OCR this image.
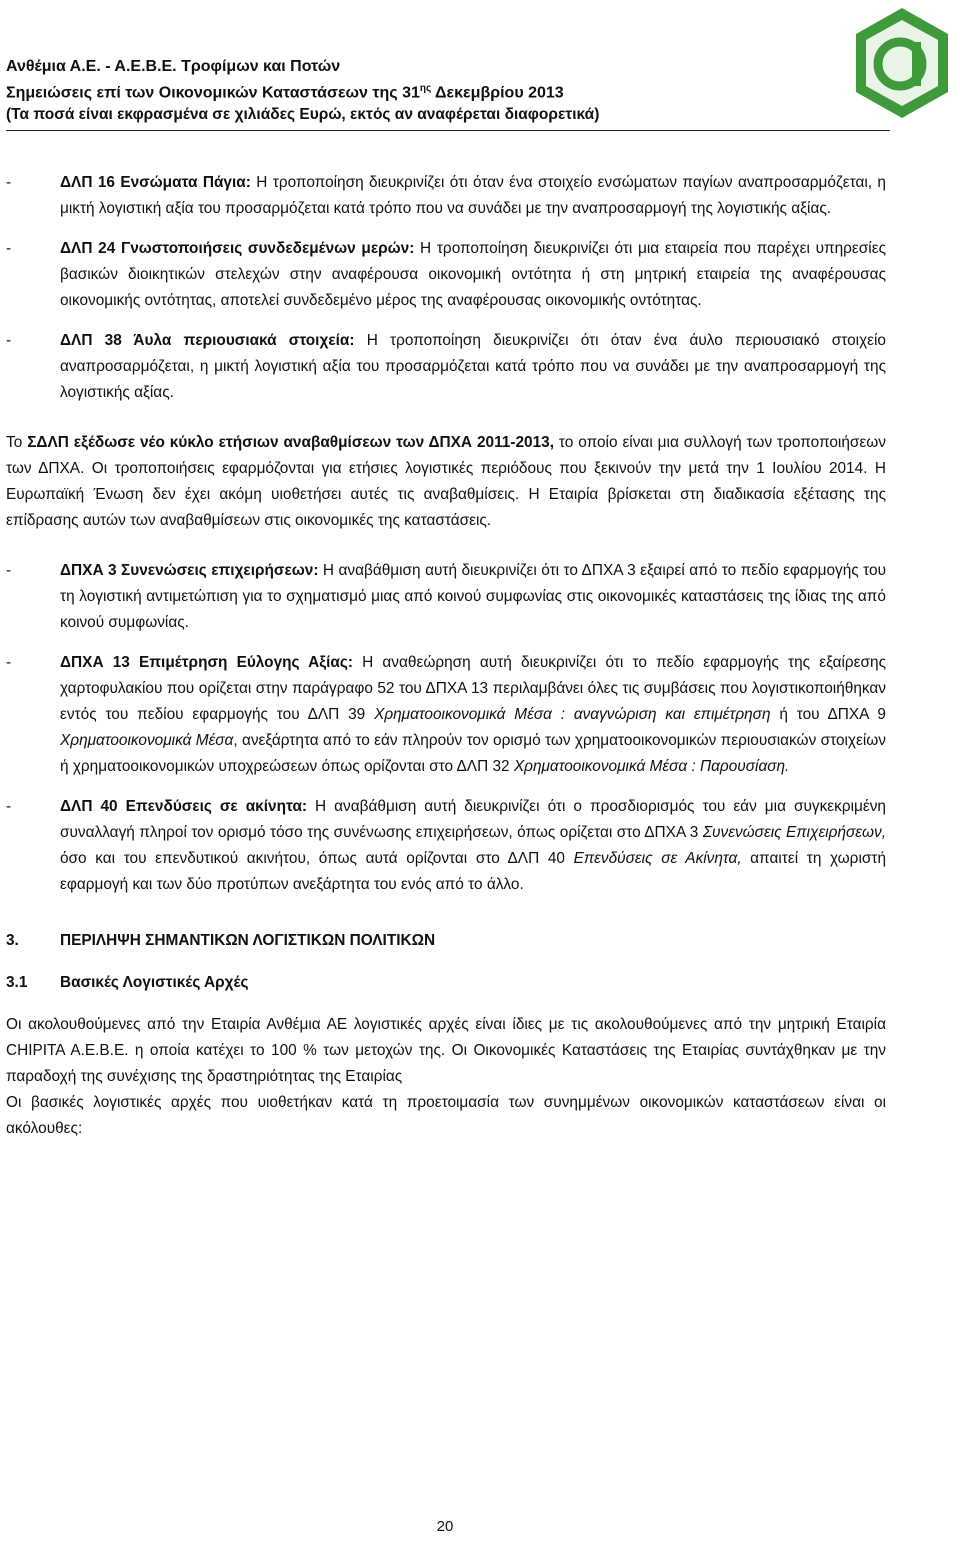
Ανθέμια Α.Ε. - Α.Ε.Β.Ε. Τροφίμων και Ποτών
Σημειώσεις επί των Οικονομικών Καταστάσεων της $31^{\eta\varsigma}$ Δεκεμβρίου 2013
(Τα ποσά είναι εκφρασμένα σε χιλιάδες Ευρώ, εκτός αν αναφέρεται διαφορετικά)
-	ΔΛΠ 16 Ενσώματα Πάγια: Η τροποποίηση διευκρινίζει ότι όταν ένα στοιχείο ενσώματων παγίων αναπροσαρμόζεται, η μικτή λογιστική αξία του προσαρμόζεται κατά τρόπο που να συνάδει με την αναπροσαρμογή της λογιστικής αξίας.
-	ΔΛΠ 24 Γνωστοποιήσεις συνδεδεμένων μερών: Η τροποποίηση διευκρινίζει ότι μια εταιρεία που παρέχει υπηρεσίες βασικών διοικητικών στελεχών στην αναφέρουσα οικονομική οντότητα ή στη μητρική εταιρεία της αναφέρουσας οικονομικής οντότητας, αποτελεί συνδεδεμένο μέρος της αναφέρουσας οικονομικής οντότητας.
-	ΔΛΠ 38 Άυλα περιουσιακά στοιχεία: Η τροποποίηση διευκρινίζει ότι όταν ένα άυλο περιουσιακό στοιχείο αναπροσαρμόζεται, η μικτή λογιστική αξία του προσαρμόζεται κατά τρόπο που να συνάδει με την αναπροσαρμογή της λογιστικής αξίας.
Το ΣΔΛΠ εξέδωσε νέο κύκλο ετήσιων αναβαθμίσεων των ΔΠΧΑ 2011-2013, το οποίο είναι μια συλλογή των τροποποιήσεων των ΔΠΧΑ. Οι τροποποιήσεις εφαρμόζονται για ετήσιες λογιστικές περιόδους που ξεκινούν την μετά την 1 Ιουλίου 2014. Η Ευρωπαϊκή Ένωση δεν έχει ακόμη υιοθετήσει αυτές τις αναβαθμίσεις. Η Εταιρία βρίσκεται στη διαδικασία εξέτασης της επίδρασης αυτών των αναβαθμίσεων στις οικονομικές της καταστάσεις.
-	ΔΠΧΑ 3 Συνενώσεις επιχειρήσεων: Η αναβάθμιση αυτή διευκρινίζει ότι το ΔΠΧΑ 3 εξαιρεί από το πεδίο εφαρμογής του τη λογιστική αντιμετώπιση για το σχηματισμό μιας από κοινού συμφωνίας στις οικονομικές καταστάσεις της ίδιας της από κοινού συμφωνίας.
-	ΔΠΧΑ 13 Επιμέτρηση Εύλογης Αξίας: Η αναθεώρηση αυτή διευκρινίζει ότι το πεδίο εφαρμογής της εξαίρεσης χαρτοφυλακίου που ορίζεται στην παράγραφο 52 του ΔΠΧΑ 13 περιλαμβάνει όλες τις συμβάσεις που λογιστικοποιήθηκαν εντός του πεδίου εφαρμογής του ΔΛΠ 39 Χρηματοοικονομικά Μέσα : αναγνώριση και επιμέτρηση ή του ΔΠΧΑ 9 Χρηματοοικονομικά Μέσα, ανεξάρτητα από το εάν πληρούν τον ορισμό των χρηματοοικονομικών περιουσιακών στοιχείων ή χρηματοοικονομικών υποχρεώσεων όπως ορίζονται στο ΔΛΠ 32 Χρηματοοικονομικά Μέσα : Παρουσίαση.
-	ΔΛΠ 40 Επενδύσεις σε ακίνητα: Η αναβάθμιση αυτή διευκρινίζει ότι ο προσδιορισμός του εάν μια συγκεκριμένη συναλλαγή πληροί τον ορισμό τόσο της συνένωσης επιχειρήσεων, όπως ορίζεται στο ΔΠΧΑ 3 Συνενώσεις Επιχειρήσεων, όσο και του επενδυτικού ακινήτου, όπως αυτά ορίζονται στο ΔΛΠ 40 Επενδύσεις σε Ακίνητα, απαιτεί τη χωριστή εφαρμογή και των δύο προτύπων ανεξάρτητα του ενός από το άλλο.
3.	ΠΕΡΙΛΗΨΗ ΣΗΜΑΝΤΙΚΩΝ ΛΟΓΙΣΤΙΚΩΝ ΠΟΛΙΤΙΚΩΝ
3.1 Βασικές Λογιστικές Αρχές
Οι ακολουθούμενες από την Εταιρία Ανθέμια ΑΕ λογιστικές αρχές είναι ίδιες με τις ακολουθούμενες από την μητρική Εταιρία CHIPITA A.E.B.E. η οποία κατέχει το 100 % των μετοχών της. Οι Οικονομικές Καταστάσεις της Εταιρίας συντάχθηκαν με την παραδοχή της συνέχισης της δραστηριότητας της Εταιρίας
Οι βασικές λογιστικές αρχές που υιοθετήκαν κατά τη προετοιμασία των συνημμένων οικονομικών καταστάσεων είναι οι ακόλουθες:
20
